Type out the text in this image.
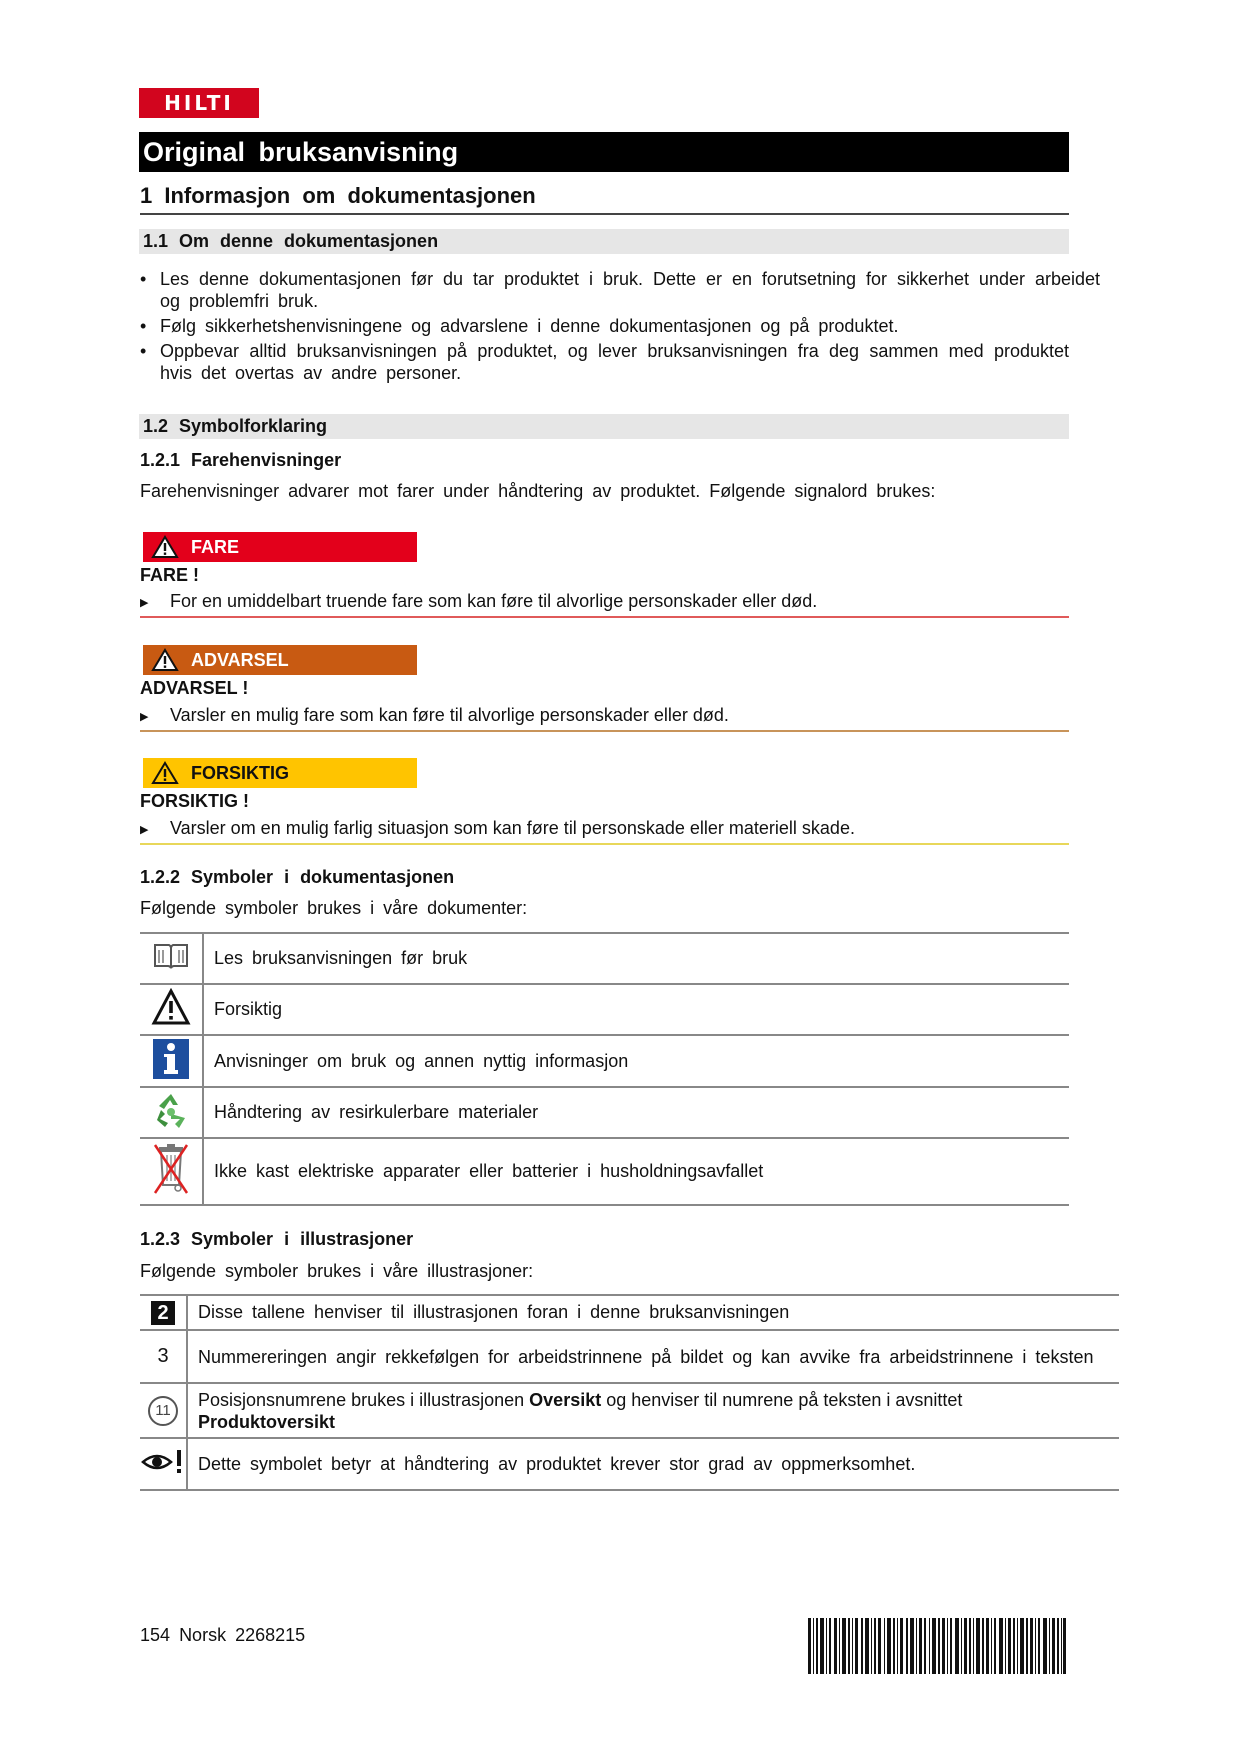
HILTI
Original bruksanvisning
1 Informasjon om dokumentasjonen
1.1 Om denne dokumentasjonen
• Les denne dokumentasjonen før du tar produktet i bruk. Dette er en forutsetning for sikkerhet under arbeidet og problemfri bruk.
• Følg sikkerhetshenvisningene og advarslene i denne dokumentasjonen og på produktet.
• Oppbevar alltid bruksanvisningen på produktet, og lever bruksanvisningen fra deg sammen med produktet hvis det overtas av andre personer.
1.2 Symbolforklaring
1.2.1 Farehenvisninger
Farehenvisninger advarer mot farer under håndtering av produktet. Følgende signalord brukes:
FARE
FARE !
▶ For en umiddelbart truende fare som kan føre til alvorlige personskader eller død.
ADVARSEL
ADVARSEL !
▶ Varsler en mulig fare som kan føre til alvorlige personskader eller død.
FORSIKTIG
FORSIKTIG !
▶ Varsler om en mulig farlig situasjon som kan føre til personskade eller materiell skade.
1.2.2 Symboler i dokumentasjonen
Følgende symboler brukes i våre dokumenter:
	Les bruksanvisningen før bruk
	Forsiktig
	Anvisninger om bruk og annen nyttig informasjon
	Håndtering av resirkulerbare materialer
	Ikke kast elektriske apparater eller batterier i husholdningsavfallet
1.2.3 Symboler i illustrasjoner
Følgende symboler brukes i våre illustrasjoner:
2	Disse tallene henviser til illustrasjonen foran i denne bruksanvisningen
3	Nummereringen angir rekkefølgen for arbeidstrinnene på bildet og kan avvike fra arbeidstrinnene i teksten

11	Posisjonsnumrene brukes i illustrasjonen Oversikt og henviser til numrene på teksten i avsnittet
Produktoversikt
	Dette symbolet betyr at håndtering av produktet krever stor grad av oppmerksomhet.
154 Norsk 2268215
